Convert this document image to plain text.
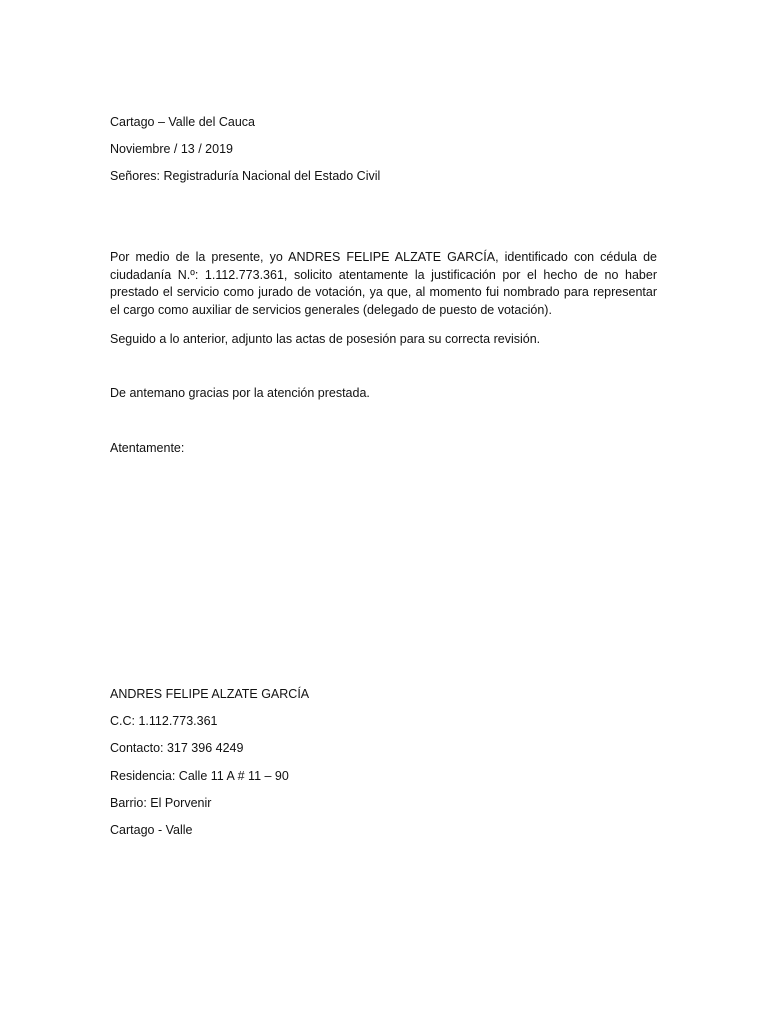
Cartago – Valle del Cauca
Noviembre / 13 / 2019
Señores: Registraduría Nacional del Estado Civil
Por medio de la presente, yo ANDRES FELIPE ALZATE GARCÍA, identificado con cédula de ciudadanía N.º: 1.112.773.361, solicito atentamente la justificación por el hecho de no haber prestado el servicio como jurado de votación, ya que, al momento fui nombrado para representar el cargo como auxiliar de servicios generales (delegado de puesto de votación).
Seguido a lo anterior, adjunto las actas de posesión para su correcta revisión.
De antemano gracias por la atención prestada.
Atentamente:
ANDRES FELIPE ALZATE GARCÍA
C.C: 1.112.773.361
Contacto: 317 396 4249
Residencia: Calle 11 A # 11 – 90
Barrio: El Porvenir
Cartago - Valle
